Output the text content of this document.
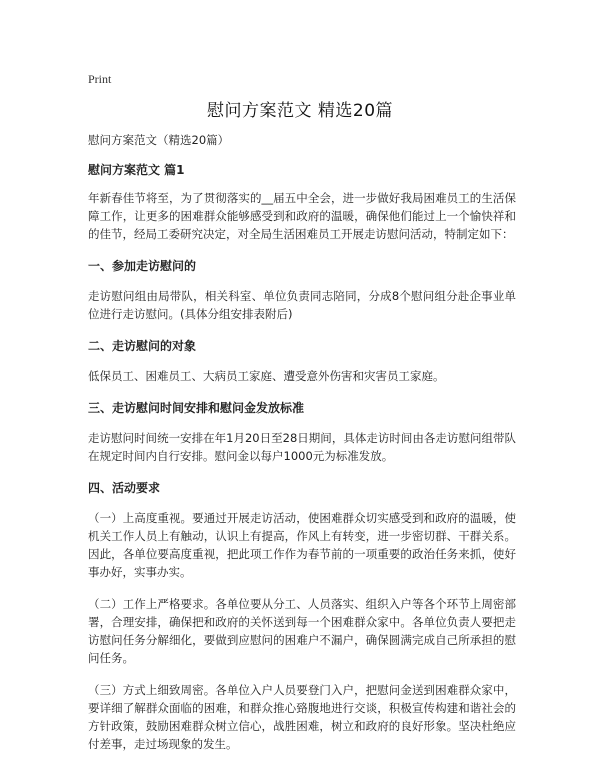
Print
慰问方案范文 精选20篇

慰问方案范文（精选20篇）

慰问方案范文 篇1

年新春佳节将至，为了贯彻落实的__届五中全会，进一步做好我局困难员工的生活保障工作，让更多的困难群众能够感受到和政府的温暖，确保他们能过上一个愉快祥和的佳节，经局工委研究决定，对全局生活困难员工开展走访慰问活动，特制定如下：

一、参加走访慰问的

走访慰问组由局带队，相关科室、单位负责同志陪同，分成8个慰问组分赴企事业单位进行走访慰问。(具体分组安排表附后)

二、走访慰问的对象

低保员工、困难员工、大病员工家庭、遭受意外伤害和灾害员工家庭。

三、走访慰问时间安排和慰问金发放标准

走访慰问时间统一安排在年1月20日至28日期间，具体走访时间由各走访慰问组带队在规定时间内自行安排。慰问金以每户1000元为标准发放。

四、活动要求

（一）上高度重视。要通过开展走访活动，使困难群众切实感受到和政府的温暖，使机关工作人员上有触动，认识上有提高，作风上有转变，进一步密切群、干群关系。因此，各单位要高度重视，把此项工作作为春节前的一项重要的政治任务来抓，使好事办好，实事办实。

（二）工作上严格要求。各单位要从分工、人员落实、组织入户等各个环节上周密部署，合理安排，确保把和政府的关怀送到每一个困难群众家中。各单位负责人要把走访慰问任务分解细化，要做到应慰问的困难户不漏户，确保圆满完成自己所承担的慰问任务。

（三）方式上细致周密。各单位入户人员要登门入户，把慰问金送到困难群众家中，要详细了解群众面临的困难，和群众推心臵腹地进行交谈，积极宣传构建和谐社会的方针政策，鼓励困难群众树立信心，战胜困难，树立和政府的良好形象。坚决杜绝应付差事，走过场现象的发生。
